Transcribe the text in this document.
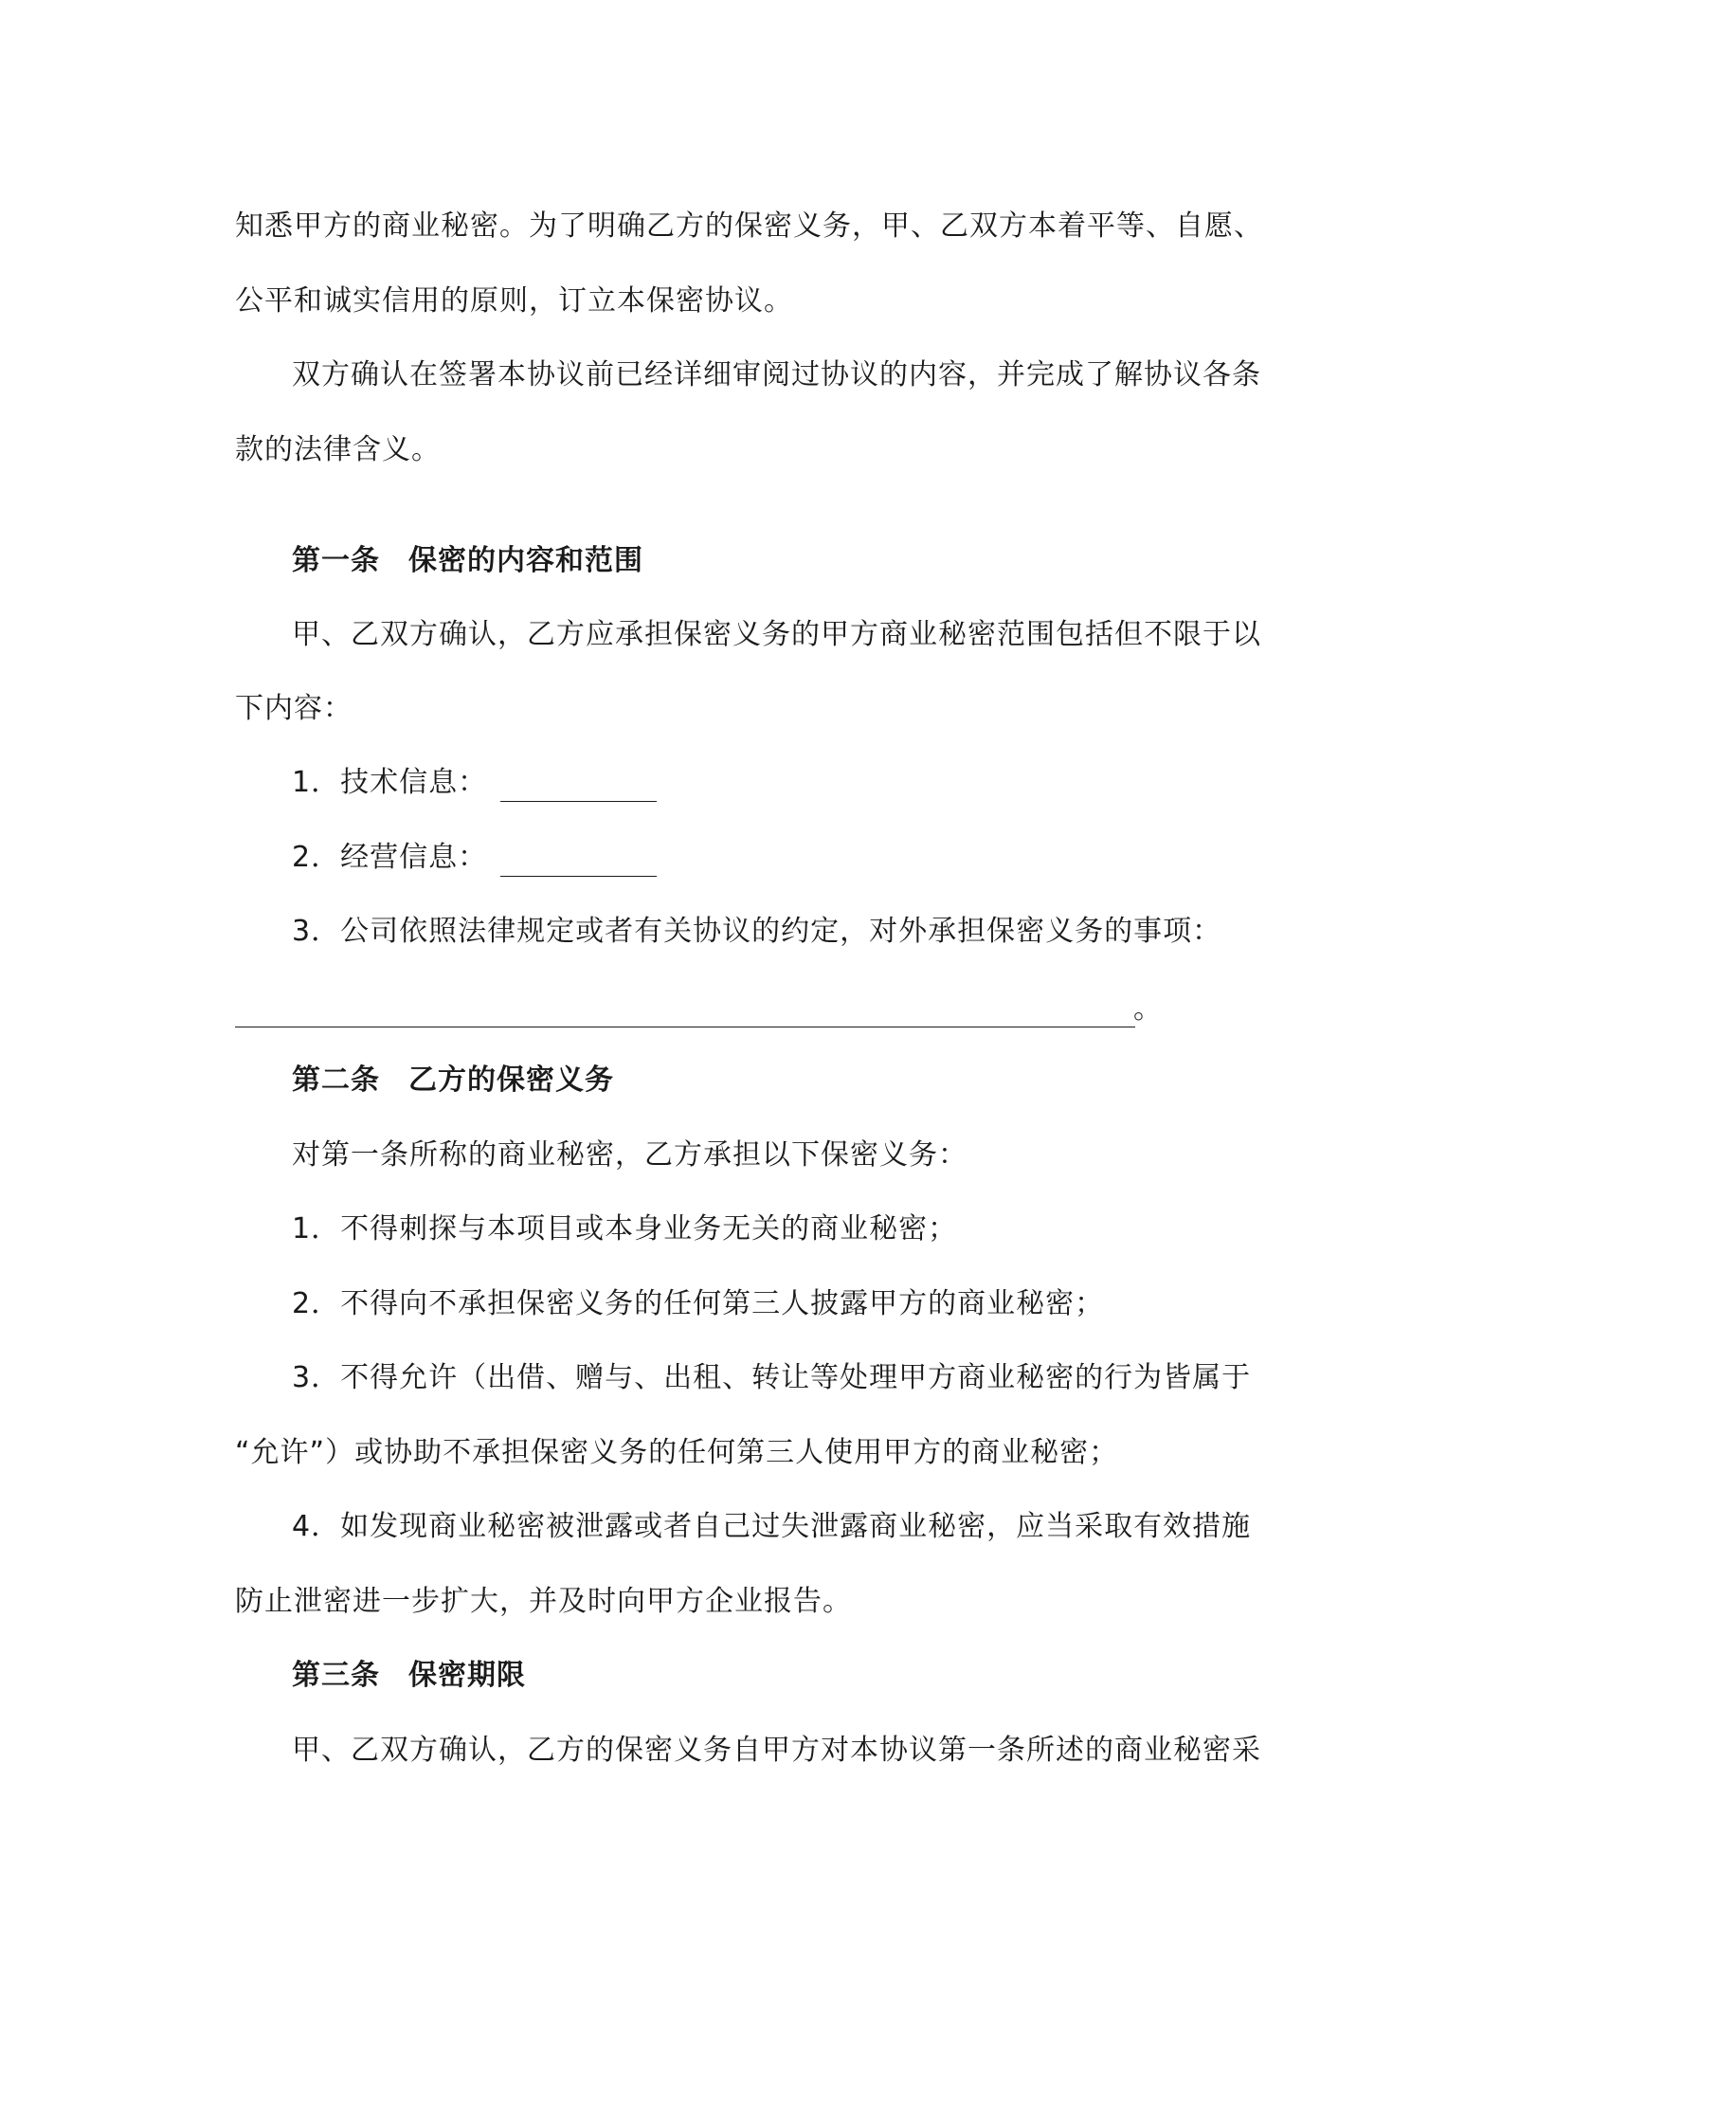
知悉甲方的商业秘密。为了明确乙方的保密义务，甲、乙双方本着平等、自愿、
公平和诚实信用的原则，订立本保密协议。
双方确认在签署本协议前已经详细审阅过协议的内容，并完成了解协议各条
款的法律含义。
第一条 保密的内容和范围
甲、乙双方确认，乙方应承担保密义务的甲方商业秘密范围包括但不限于以
下内容：
1．技术信息：
2．经营信息：
3．公司依照法律规定或者有关协议的约定，对外承担保密义务的事项：
。
第二条 乙方的保密义务
对第一条所称的商业秘密，乙方承担以下保密义务：
1．不得刺探与本项目或本身业务无关的商业秘密；
2．不得向不承担保密义务的任何第三人披露甲方的商业秘密；
3．不得允许（出借、赠与、出租、转让等处理甲方商业秘密的行为皆属于
“允许”）或协助不承担保密义务的任何第三人使用甲方的商业秘密；
4．如发现商业秘密被泄露或者自己过失泄露商业秘密，应当采取有效措施
防止泄密进一步扩大，并及时向甲方企业报告。
第三条 保密期限
甲、乙双方确认，乙方的保密义务自甲方对本协议第一条所述的商业秘密采
